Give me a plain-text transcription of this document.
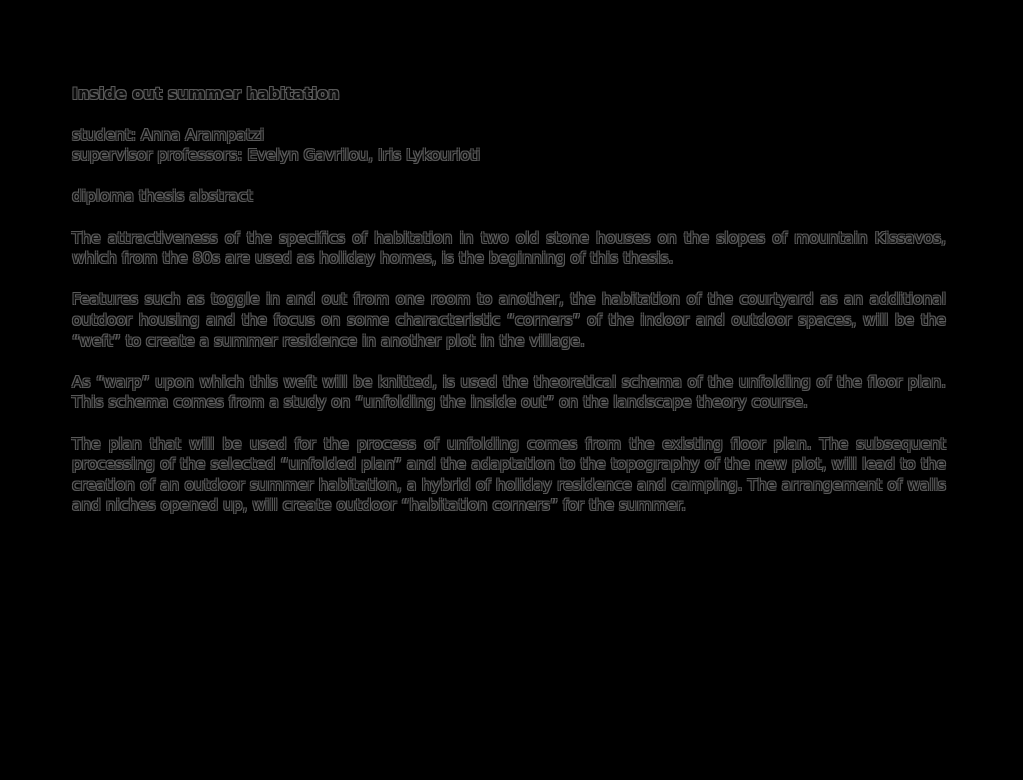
Inside out summer habitation

student: Anna Arampatzi

supervisor professors: Evelyn Gavrilou, Iris Lykourioti

diploma thesis abstract

The attractiveness of the specifics of habitation in two old stone houses on the slopes of mountain Kissavos, which from the 80s are used as holiday homes, is the beginning of this thesis.

Features such as toggle in and out from one room to another, the habitation of the courtyard as an additional outdoor housing and the focus on some characteristic “corners” of the indoor and outdoor spaces, will be the “weft” to create a summer residence in another plot in the village.

As “warp” upon which this weft will be knitted, is used the theoretical schema of the unfolding of the floor plan. This schema comes from a study on “unfolding the inside out” on the landscape theory course.

The plan that will be used for the process of unfolding comes from the existing floor plan. The subsequent processing of the selected “unfolded plan” and the adaptation to the topography of the new plot, will lead to the creation of an outdoor summer habitation, a hybrid of holiday residence and camping. The arrangement of walls and niches opened up, will create outdoor “habitation corners” for the summer.
